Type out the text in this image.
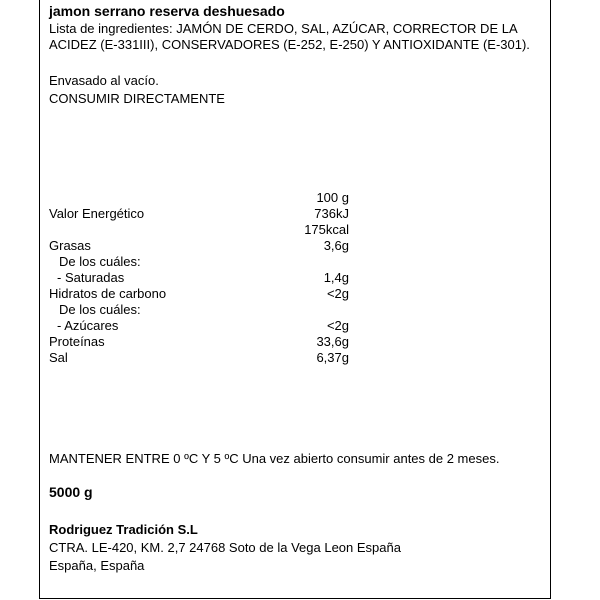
jamon serrano reserva deshuesado
Lista de ingredientes: JAMÓN DE CERDO, SAL, AZÚCAR, CORRECTOR DE LA ACIDEZ (E-331III), CONSERVADORES (E-252, E-250) Y ANTIOXIDANTE (E-301).
Envasado al vacío.
CONSUMIR DIRECTAMENTE
100 g
Valor Energético	736kJ
175kcal
Grasas	3,6g
De los cuáles:
- Saturadas	1,4g
Hidratos de carbono	<2g
De los cuáles:
- Azúcares	<2g
Proteínas	33,6g
Sal	6,37g
MANTENER ENTRE 0 ºC Y 5 ºC Una vez abierto consumir antes de 2 meses.
5000 g
Rodriguez Tradición S.L
CTRA. LE-420, KM. 2,7 24768 Soto de la Vega Leon España
España, España
